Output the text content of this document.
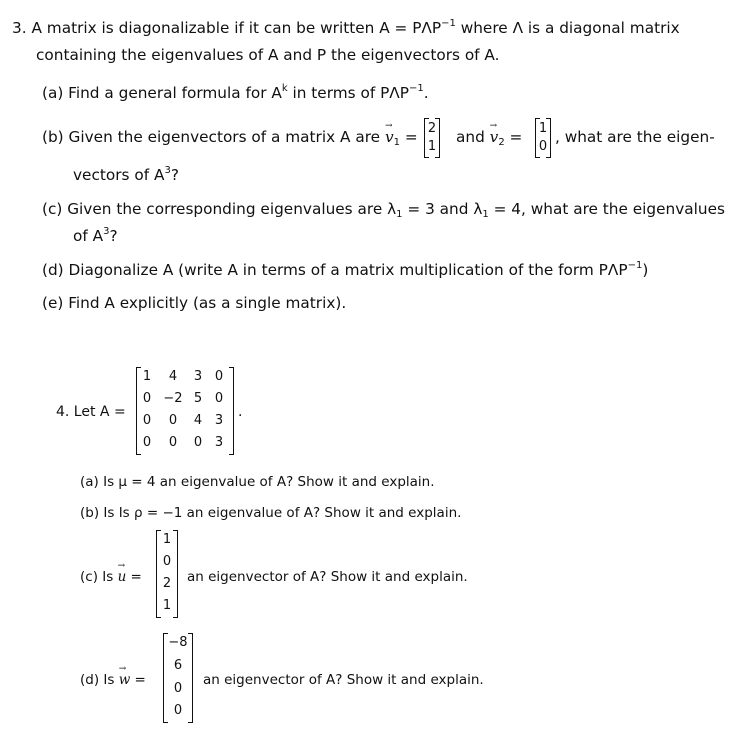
3. A matrix is diagonalizable if it can be written $A = P\Lambda P^{-1}$ where Λ is a diagonal matrix
containing the eigenvalues of A and P the eigenvectors of A.
(a) Find a general formula for $A^k$ in terms of $P\Lambda P^{-1}$.
(b) Given the eigenvectors of a matrix A are → v1 = 2
1
and → v2 = 1
0
, what are the eigen-
vectors of $A^3$?
(c) Given the corresponding eigenvalues are λ1 = 3 and λ1 = 4, what are the eigenvalues
of $A^3$?
(d) Diagonalize A (write A in terms of a matrix multiplication of the form $P\Lambda P^{-1}$)
(e) Find A explicitly (as a single matrix).
4. Let A =
1	4	3 0
0 −2 5 0
0	0	4 3
0	0	0 3
.
(a) Is μ = 4 an eigenvalue of A? Show it and explain.
(b) Is Is ρ = −1 an eigenvalue of A? Show it and explain.
(c) Is → u =
1
0
2
1
an eigenvector of A? Show it and explain.
(d) Is → w =
−8
6
0
0
an eigenvector of A? Show it and explain.
